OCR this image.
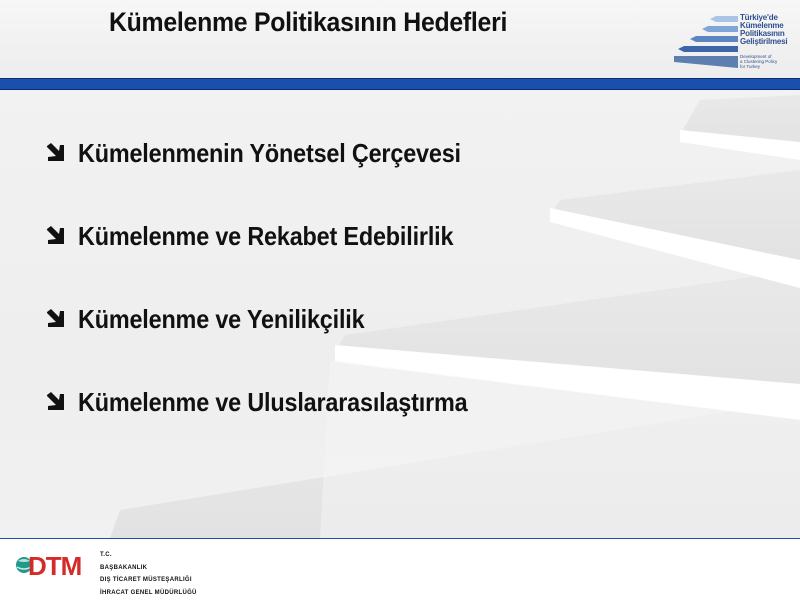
Kümelenme Politikasının Hedefleri	Türkiye'de
Kümelenme
Politikasının
Geliştirilmesi
Development of
a Clustering Policy
for Turkey
Kümelenmenin Yönetsel Çerçevesi
Kümelenme ve Rekabet Edebilirlik
Kümelenme ve Yenilikçilik
Kümelenme ve Uluslararasılaştırma
DTM	T.C.
BAŞBAKANLIK
DIŞ TİCARET MÜSTEŞARLIĞI
İHRACAT GENEL MÜDÜRLÜĞÜ
